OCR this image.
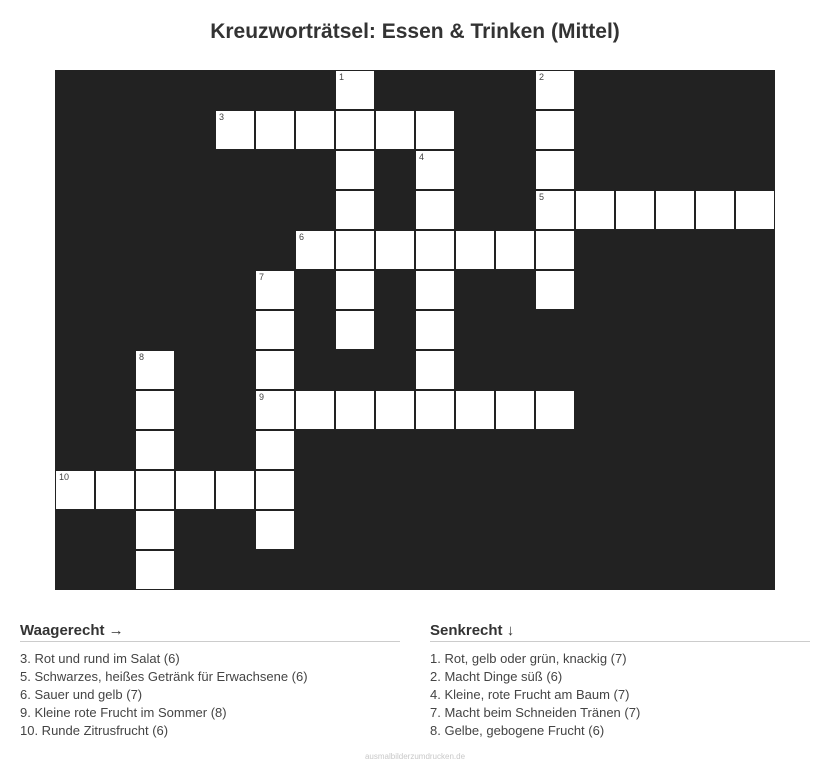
Kreuzworträtsel: Essen & Trinken (Mittel)
1	2
3
4
5
6
7
8
9
10
Waagerecht →
3. Rot und rund im Salat (6)
5. Schwarzes, heißes Getränk für Erwachsene (6)
6. Sauer und gelb (7)
9. Kleine rote Frucht im Sommer (8)
10. Runde Zitrusfrucht (6)
Senkrecht ↓
1. Rot, gelb oder grün, knackig (7)
2. Macht Dinge süß (6)
4. Kleine, rote Frucht am Baum (7)
7. Macht beim Schneiden Tränen (7)
8. Gelbe, gebogene Frucht (6)
ausmalbilderzumdrucken.de
